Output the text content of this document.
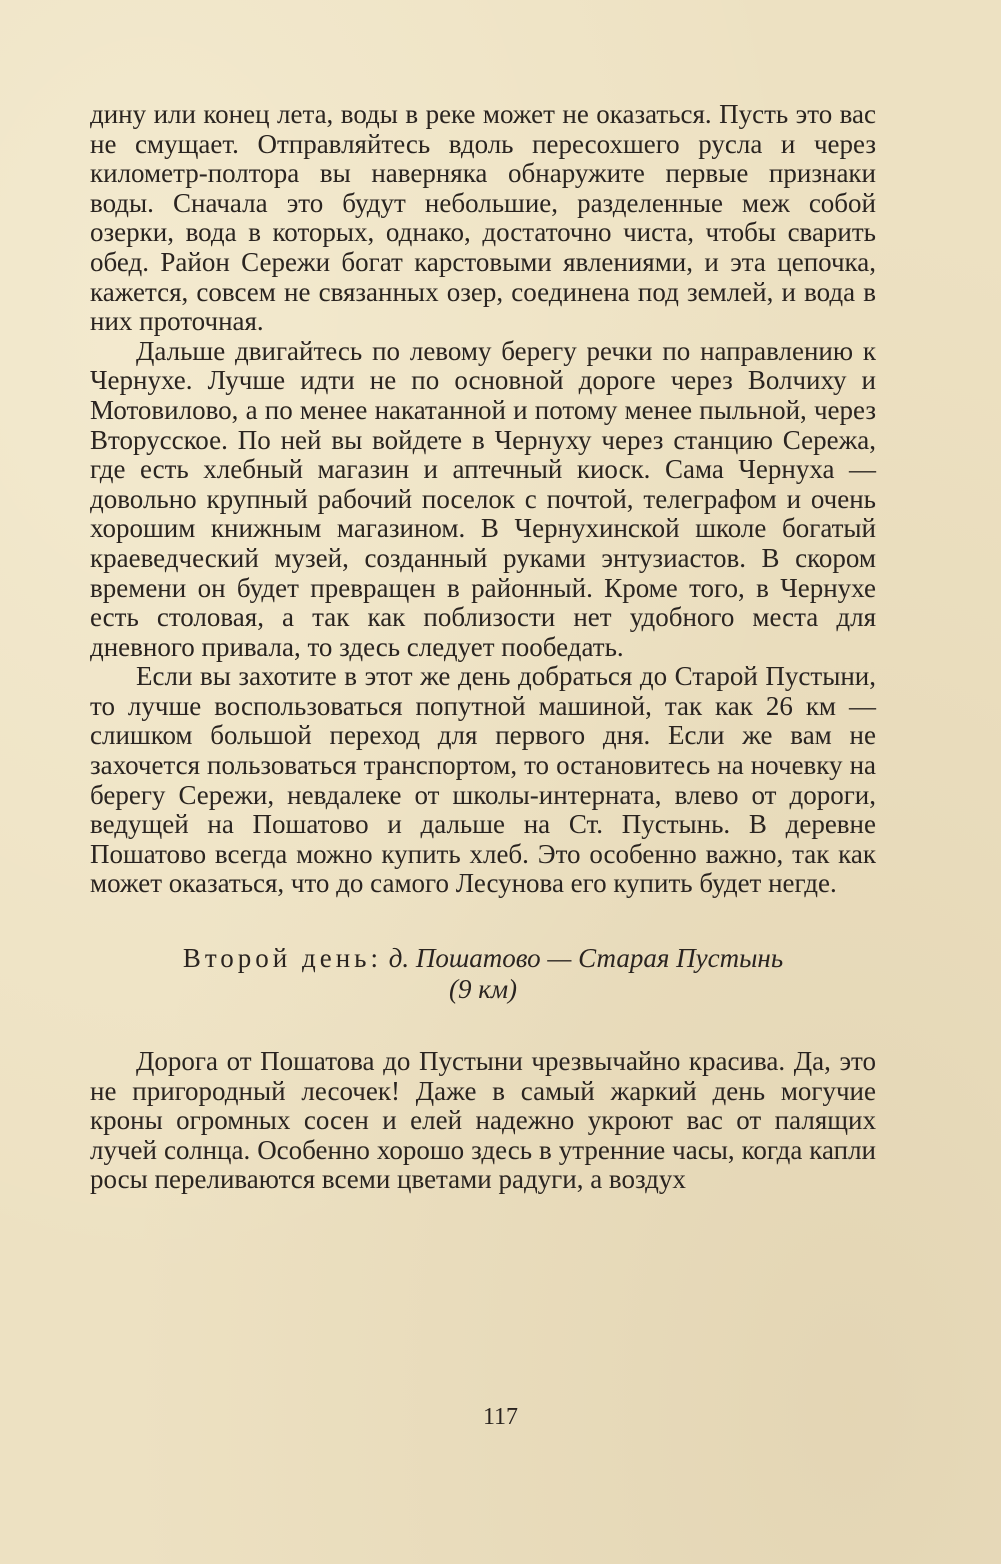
дину или конец лета, воды в реке может не оказаться. Пусть это вас не смущает. Отправляйтесь вдоль пересохшего русла и через километр-полтора вы наверняка обнаружите первые признаки воды. Сначала это будут небольшие, разделенные меж собой озерки, вода в которых, однако, достаточно чиста, чтобы сварить обед. Район Сережи богат карстовыми явлениями, и эта цепочка, кажется, совсем не связанных озер, соединена под землей, и вода в них проточная.

Дальше двигайтесь по левому берегу речки по направлению к Чернухе. Лучше идти не по основной дороге через Волчиху и Мотовилово, а по менее накатанной и потому менее пыльной, через Вторусское. По ней вы войдете в Чернуху через станцию Сережа, где есть хлебный магазин и аптечный киоск. Сама Чернуха — довольно крупный рабочий поселок с почтой, телеграфом и очень хорошим книжным магазином. В Чернухинской школе богатый краеведческий музей, созданный руками энтузиастов. В скором времени он будет превращен в районный. Кроме того, в Чернухе есть столовая, а так как поблизости нет удобного места для дневного привала, то здесь следует пообедать.

Если вы захотите в этот же день добраться до Старой Пустыни, то лучше воспользоваться попутной машиной, так как 26 км — слишком большой переход для первого дня. Если же вам не захочется пользоваться транспортом, то остановитесь на ночевку на берегу Сережи, невдалеке от школы-интерната, влево от дороги, ведущей на Пошатово и дальше на Ст. Пустынь. В деревне Пошатово всегда можно купить хлеб. Это особенно важно, так как может оказаться, что до самого Лесунова его купить будет негде.

Второй день: д. Пошатово — Старая Пустынь
(9 км)

Дорога от Пошатова до Пустыни чрезвычайно красива. Да, это не пригородный лесочек! Даже в самый жаркий день могучие кроны огромных сосен и елей надежно укроют вас от палящих лучей солнца. Особенно хорошо здесь в утренние часы, когда капли росы переливаются всеми цветами радуги, а воздух

117
